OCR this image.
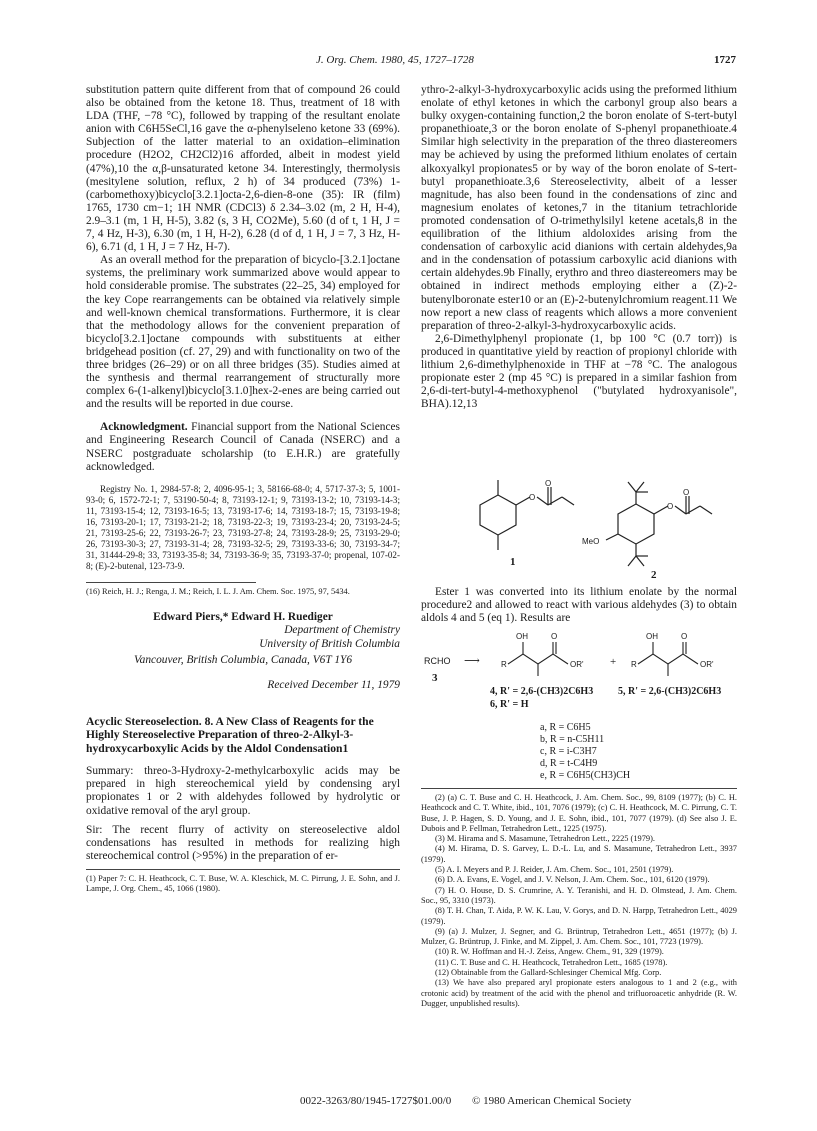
J. Org. Chem. 1980, 45, 1727–1728	1727

substitution pattern quite different from that of compound 26 could also be obtained from the ketone 18. Thus, treatment of 18 with LDA (THF, −78 °C), followed by trapping of the resultant enolate anion with C6H5SeCl,16 gave the α-phenylseleno ketone 33 (69%). Subjection of the latter material to an oxidation–elimination procedure (H2O2, CH2Cl2)16 afforded, albeit in modest yield (47%),10 the α,β-unsaturated ketone 34. Interestingly, thermolysis (mesitylene solution, reflux, 2 h) of 34 produced (73%) 1-(carbomethoxy)bicyclo[3.2.1]octa-2,6-dien-8-one (35): IR (film) 1765, 1730 cm−1; 1H NMR (CDCl3) δ 2.34–3.02 (m, 2 H, H-4), 2.9–3.1 (m, 1 H, H-5), 3.82 (s, 3 H, CO2Me), 5.60 (d of t, 1 H, J = 7, 4 Hz, H-3), 6.30 (m, 1 H, H-2), 6.28 (d of d, 1 H, J = 7, 3 Hz, H-6), 6.71 (d, 1 H, J = 7 Hz, H-7).

As an overall method for the preparation of bicyclo-[3.2.1]octane systems, the preliminary work summarized above would appear to hold considerable promise. The substrates (22–25, 34) employed for the key Cope rearrangements can be obtained via relatively simple and well-known chemical transformations. Furthermore, it is clear that the methodology allows for the convenient preparation of bicyclo[3.2.1]octane compounds with substituents at either bridgehead position (cf. 27, 29) and with functionality on two of the three bridges (26–29) or on all three bridges (35). Studies aimed at the synthesis and thermal rearrangement of structurally more complex 6-(1-alkenyl)bicyclo[3.1.0]hex-2-enes are being carried out and the results will be reported in due course.

Acknowledgment. Financial support from the National Sciences and Engineering Research Council of Canada (NSERC) and a NSERC postgraduate scholarship (to E.H.R.) are gratefully acknowledged.

Registry No. 1, 2984-57-8; 2, 4096-95-1; 3, 58166-68-0; 4, 5717-37-3; 5, 1001-93-0; 6, 1572-72-1; 7, 53190-50-4; 8, 73193-12-1; 9, 73193-13-2; 10, 73193-14-3; 11, 73193-15-4; 12, 73193-16-5; 13, 73193-17-6; 14, 73193-18-7; 15, 73193-19-8; 16, 73193-20-1; 17, 73193-21-2; 18, 73193-22-3; 19, 73193-23-4; 20, 73193-24-5; 21, 73193-25-6; 22, 73193-26-7; 23, 73193-27-8; 24, 73193-28-9; 25, 73193-29-0; 26, 73193-30-3; 27, 73193-31-4; 28, 73193-32-5; 29, 73193-33-6; 30, 73193-34-7; 31, 31444-29-8; 33, 73193-35-8; 34, 73193-36-9; 35, 73193-37-0; propenal, 107-02-8; (E)-2-butenal, 123-73-9.

(16) Reich, H. J.; Renga, J. M.; Reich, I. L. J. Am. Chem. Soc. 1975, 97, 5434.

Edward Piers,* Edward H. Ruediger
Department of Chemistry
University of British Columbia
Vancouver, British Columbia, Canada, V6T 1Y6
Received December 11, 1979
Acyclic Stereoselection. 8. A New Class of Reagents for the Highly Stereoselective Preparation of threo-2-Alkyl-3-hydroxycarboxylic Acids by the Aldol Condensation1

Summary: threo-3-Hydroxy-2-methylcarboxylic acids may be prepared in high stereochemical yield by condensing aryl propionates 1 or 2 with aldehydes followed by hydrolytic or oxidative removal of the aryl group.

Sir: The recent flurry of activity on stereoselective aldol condensations has resulted in methods for realizing high stereochemical control (>95%) in the preparation of er-

(1) Paper 7: C. H. Heathcock, C. T. Buse, W. A. Kleschick, M. C. Pirrung, J. E. Sohn, and J. Lampe, J. Org. Chem., 45, 1066 (1980).

ythro-2-alkyl-3-hydroxycarboxylic acids using the preformed lithium enolate of ethyl ketones in which the carbonyl group also bears a bulky oxygen-containing function,2 the boron enolate of S-tert-butyl propanethioate,3 or the boron enolate of S-phenyl propanethioate.4 Similar high selectivity in the preparation of the threo diastereomers may be achieved by using the preformed lithium enolates of certain alkoxyalkyl propionates5 or by way of the boron enolate of S-tert-butyl propanethioate.3,6 Stereoselectivity, albeit of a lesser magnitude, has also been found in the condensations of zinc and magnesium enolates of ketones,7 in the titanium tetrachloride promoted condensation of O-trimethylsilyl ketene acetals,8 in the equilibration of the lithium aldoloxides arising from the condensation of carboxylic acid dianions with certain aldehydes,9a and in the condensation of potassium carboxylic acid dianions with certain aldehydes.9b Finally, erythro and threo diastereomers may be obtained in indirect methods employing either a (Z)-2-butenylboronate ester10 or an (E)-2-butenylchromium reagent.11 We now report a new class of reagents which allows a more convenient preparation of threo-2-alkyl-3-hydroxycarboxylic acids.

2,6-Dimethylphenyl propionate (1, bp 100 °C (0.7 torr)) is produced in quantitative yield by reaction of propionyl chloride with lithium 2,6-dimethylphenoxide in THF at −78 °C. The analogous propionate ester 2 (mp 45 °C) is prepared in a similar fashion from 2,6-di-tert-butyl-4-methoxyphenol ("butylated hydroxyanisole", BHA).12,13

O
O
1
O
O
MeO
2

Ester 1 was converted into its lithium enolate by the normal procedure2 and allowed to react with various aldehydes (3) to obtain aldols 4 and 5 (eq 1). Results are

RCHO ⟶
3
OH	O
R	OR' +
OH	O
R	OR'
4, R' = 2,6-(CH3)2C6H3 5, R' = 2,6-(CH3)2C6H3
6, R' = H
a, R = C6H5
b, R = n-C5H11
c, R = i-C3H7
d, R = t-C4H9
e, R = C6H5(CH3)CH

(2) (a) C. T. Buse and C. H. Heathcock, J. Am. Chem. Soc., 99, 8109 (1977); (b) C. H. Heathcock and C. T. White, ibid., 101, 7076 (1979); (c) C. H. Heathcock, M. C. Pirrung, C. T. Buse, J. P. Hagen, S. D. Young, and J. E. Sohn, ibid., 101, 7077 (1979). (d) See also J. E. Dubois and P. Fellman, Tetrahedron Lett., 1225 (1975).

(3) M. Hirama and S. Masamune, Tetrahedron Lett., 2225 (1979).

(4) M. Hirama, D. S. Garvey, L. D.-L. Lu, and S. Masamune, Tetrahedron Lett., 3937 (1979).

(5) A. I. Meyers and P. J. Reider, J. Am. Chem. Soc., 101, 2501 (1979).

(6) D. A. Evans, E. Vogel, and J. V. Nelson, J. Am. Chem. Soc., 101, 6120 (1979).

(7) H. O. House, D. S. Crumrine, A. Y. Teranishi, and H. D. Olmstead, J. Am. Chem. Soc., 95, 3310 (1973).

(8) T. H. Chan, T. Aida, P. W. K. Lau, V. Gorys, and D. N. Harpp, Tetrahedron Lett., 4029 (1979).

(9) (a) J. Mulzer, J. Segner, and G. Brüntrup, Tetrahedron Lett., 4651 (1977); (b) J. Mulzer, G. Brüntrup, J. Finke, and M. Zippel, J. Am. Chem. Soc., 101, 7723 (1979).

(10) R. W. Hoffman and H.-J. Zeiss, Angew. Chem., 91, 329 (1979).

(11) C. T. Buse and C. H. Heathcock, Tetrahedron Lett., 1685 (1978).

(12) Obtainable from the Gallard-Schlesinger Chemical Mfg. Corp.

(13) We have also prepared aryl propionate esters analogous to 1 and 2 (e.g., with crotonic acid) by treatment of the acid with the phenol and trifluoroacetic anhydride (R. W. Dugger, unpublished results).

0022-3263/80/1945-1727$01.00/0 © 1980 American Chemical Society
